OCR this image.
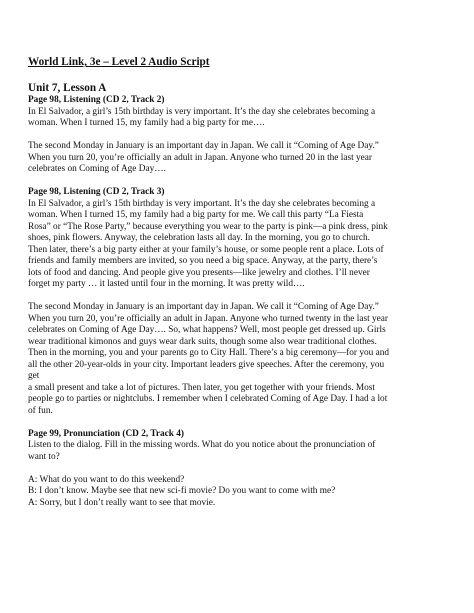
World Link, 3e – Level 2 Audio Script
Unit 7, Lesson A
Page 98, Listening (CD 2, Track 2)
In El Salvador, a girl’s 15th birthday is very important. It’s the day she celebrates becoming a
woman. When I turned 15, my family had a big party for me….
The second Monday in January is an important day in Japan. We call it “Coming of Age Day.”
When you turn 20, you’re officially an adult in Japan. Anyone who turned 20 in the last year
celebrates on Coming of Age Day….
Page 98, Listening (CD 2, Track 3)
In El Salvador, a girl’s 15th birthday is very important. It’s the day she celebrates becoming a
woman. When I turned 15, my family had a big party for me. We call this party “La Fiesta
Rosa” or “The Rose Party,” because everything you wear to the party is pink—a pink dress, pink
shoes, pink flowers. Anyway, the celebration lasts all day. In the morning, you go to church.
Then later, there’s a big party either at your family’s house, or some people rent a place. Lots of
friends and family members are invited, so you need a big space. Anyway, at the party, there’s
lots of food and dancing. And people give you presents—like jewelry and clothes. I’ll never
forget my party … it lasted until four in the morning. It was pretty wild….
The second Monday in January is an important day in Japan. We call it “Coming of Age Day.”
When you turn 20, you’re officially an adult in Japan. Anyone who turned twenty in the last year
celebrates on Coming of Age Day…. So, what happens? Well, most people get dressed up. Girls
wear traditional kimonos and guys wear dark suits, though some also wear traditional clothes.
Then in the morning, you and your parents go to City Hall. There’s a big ceremony—for you and
all the other 20-year-olds in your city. Important leaders give speeches. After the ceremony, you
get
a small present and take a lot of pictures. Then later, you get together with your friends. Most
people go to parties or nightclubs. I remember when I celebrated Coming of Age Day. I had a lot
of fun.
Page 99, Pronunciation (CD 2, Track 4)
Listen to the dialog. Fill in the missing words. What do you notice about the pronunciation of
want to?
A: What do you want to do this weekend?
B: I don’t know. Maybe see that new sci-fi movie? Do you want to come with me?
A: Sorry, but I don’t really want to see that movie.
